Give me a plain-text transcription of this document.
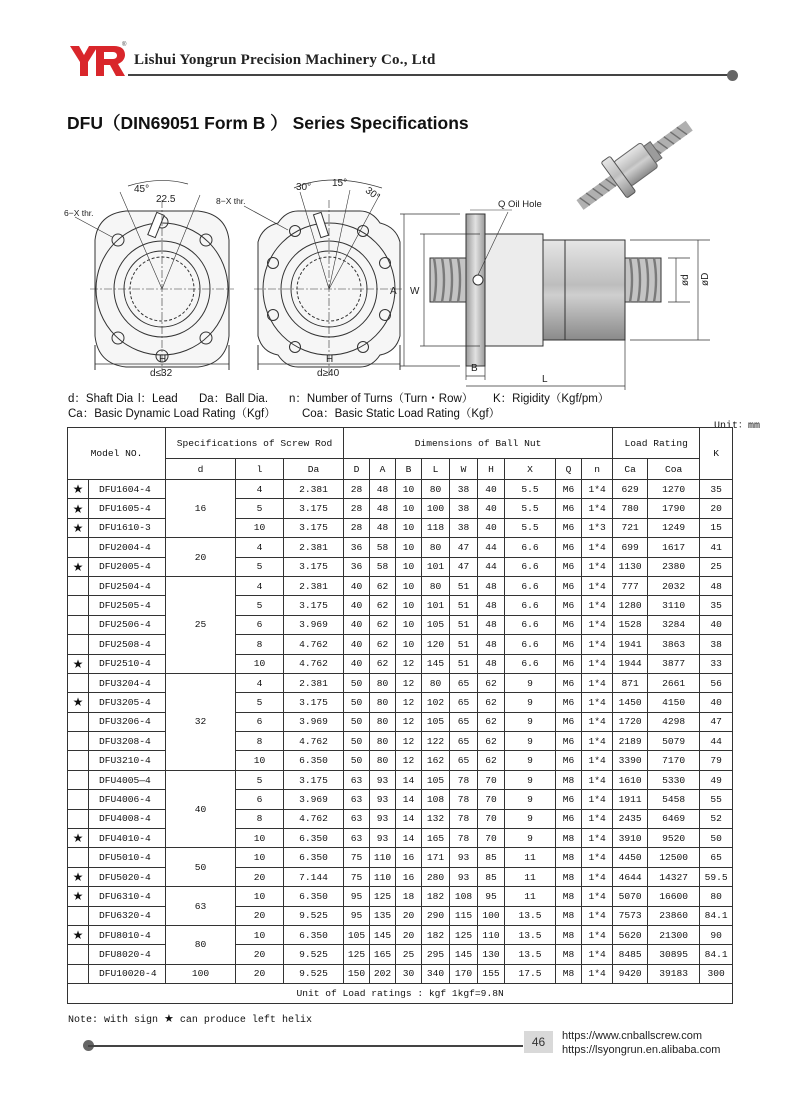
®
Lishui Yongrun Precision Machinery Co., Ltd
DFU（DIN69051 Form B ） Series Specifications
45°
22.5
6−X thr.
H
d≤32
30° 15°
30°
8−X thr.
H
d≥40
Q Oil Hole
A W
B
L
ød øD
d：Shaft Dia l：Lead Da：Ball Dia. n：Number of Turns（Turn・Row） K：Rigidity（Kgf/pm）
Ca：Basic Dynamic Load Rating（Kgf） Coa：Basic Static Load Rating（Kgf）
Unit：mm
Model NO.		Specifications of Screw Rod			Dimensions of Ball Nut									Load Rating		K
		d	l	Da	D	A	B	L	W	H	X	Q	n	Ca	Coa	
★	DFU1604-4	16	4	2.381	28	48	10	80	38	40	5.5	M6	1*4	629	1270	35
★	DFU1605-4		5	3.175	28	48	10	100	38	40	5.5	M6	1*4	780	1790	20
★	DFU1610-3		10	3.175	28	48	10	118	38	40	5.5	M6	1*3	721	1249	15
	DFU2004-4	20	4	2.381	36	58	10	80	47	44	6.6	M6	1*4	699	1617	41
★	DFU2005-4		5	3.175	36	58	10	101	47	44	6.6	M6	1*4	1130	2380	25
	DFU2504-4	25	4	2.381	40	62	10	80	51	48	6.6	M6	1*4	777	2032	48
	DFU2505-4		5	3.175	40	62	10	101	51	48	6.6	M6	1*4	1280	3110	35
	DFU2506-4		6	3.969	40	62	10	105	51	48	6.6	M6	1*4	1528	3284	40
	DFU2508-4		8	4.762	40	62	10	120	51	48	6.6	M6	1*4	1941	3863	38
★	DFU2510-4		10	4.762	40	62	12	145	51	48	6.6	M6	1*4	1944	3877	33
	DFU3204-4	32	4	2.381	50	80	12	80	65	62	9	M6	1*4	871	2661	56
★	DFU3205-4		5	3.175	50	80	12	102	65	62	9	M6	1*4	1450	4150	40
	DFU3206-4		6	3.969	50	80	12	105	65	62	9	M6	1*4	1720	4298	47
	DFU3208-4		8	4.762	50	80	12	122	65	62	9	M6	1*4	2189	5079	44
	DFU3210-4		10	6.350	50	80	12	162	65	62	9	M6	1*4	3390	7170	79
	DFU4005—4	40	5	3.175	63	93	14	105	78	70	9	M8	1*4	1610	5330	49
	DFU4006-4		6	3.969	63	93	14	108	78	70	9	M6	1*4	1911	5458	55
	DFU4008-4		8	4.762	63	93	14	132	78	70	9	M6	1*4	2435	6469	52
★	DFU4010-4		10	6.350	63	93	14	165	78	70	9	M8	1*4	3910	9520	50
	DFU5010-4	50	10	6.350	75	110	16	171	93	85	11	M8	1*4	4450	12500	65
★	DFU5020-4		20	7.144	75	110	16	280	93	85	11	M8	1*4	4644	14327	59.5
★	DFU6310-4	63	10	6.350	95	125	18	182	108	95	11	M8	1*4	5070	16600	80
	DFU6320-4		20	9.525	95	135	20	290	115	100	13.5	M8	1*4	7573	23860	84.1
★	DFU8010-4	80	10	6.350	105	145	20	182	125	110	13.5	M8	1*4	5620	21300	90
	DFU8020-4		20	9.525	125	165	25	295	145	130	13.5	M8	1*4	8485	30895	84.1
	DFU10020-4	100	20	9.525	150	202	30	340	170	155	17.5	M8	1*4	9420	39183	300
Unit of Load ratings : kgf 1kgf=9.8N																
Note: with sign ★ can produce left helix
46	https://www.cnballscrew.com
https://lsyongrun.en.alibaba.com
